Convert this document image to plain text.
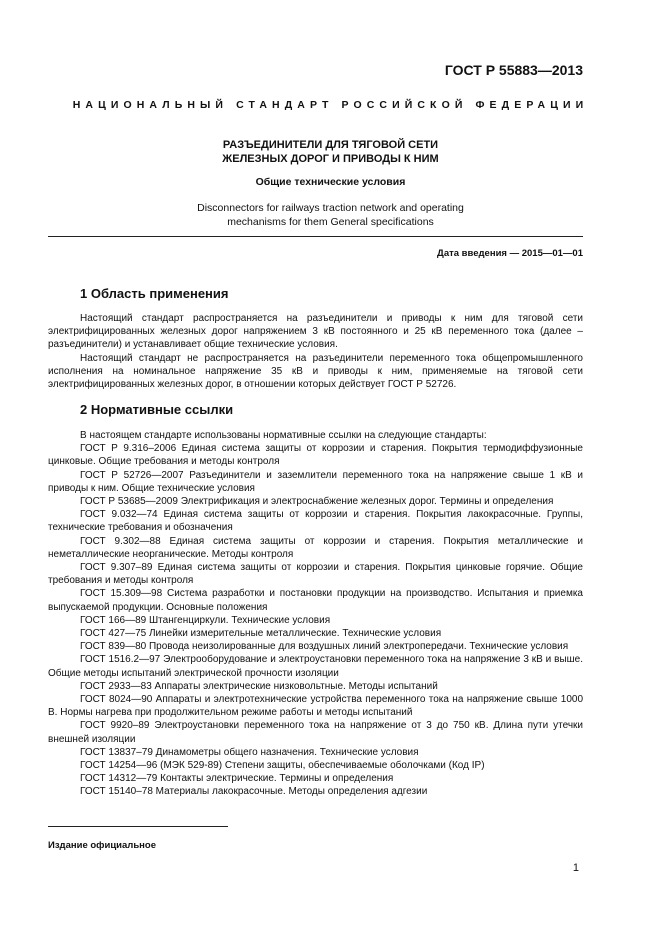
ГОСТ Р 55883—2013
НАЦИОНАЛЬНЫЙ СТАНДАРТ РОССИЙСКОЙ ФЕДЕРАЦИИ
РАЗЪЕДИНИТЕЛИ ДЛЯ ТЯГОВОЙ СЕТИ
ЖЕЛЕЗНЫХ ДОРОГ И ПРИВОДЫ К НИМ
Общие технические условия
Disconnectors for railways traction network and operating
mechanisms for them General specifications
Дата введения — 2015—01—01
1 Область применения

Настоящий стандарт распространяется на разъединители и приводы к ним для тяговой сети электрифицированных железных дорог напряжением 3 кВ постоянного и 25 кВ переменного тока (далее – разъединители) и устанавливает общие технические условия.

Настоящий стандарт не распространяется на разъединители переменного тока общепромышленного исполнения на номинальное напряжение 35 кВ и приводы к ним, применяемые на тяговой сети электрифицированных железных дорог, в отношении которых действует ГОСТ Р 52726.

2 Нормативные ссылки

В настоящем стандарте использованы нормативные ссылки на следующие стандарты:

ГОСТ Р 9.316–2006 Единая система защиты от коррозии и старения. Покрытия термодиффузионные цинковые. Общие требования и методы контроля

ГОСТ Р 52726—2007 Разъединители и заземлители переменного тока на напряжение свыше 1 кВ и приводы к ним. Общие технические условия

ГОСТ Р 53685—2009 Электрификация и электроснабжение железных дорог. Термины и определения

ГОСТ 9.032—74 Единая система защиты от коррозии и старения. Покрытия лакокрасочные. Группы, технические требования и обозначения

ГОСТ 9.302—88 Единая система защиты от коррозии и старения. Покрытия металлические и неметаллические неорганические. Методы контроля

ГОСТ 9.307–89 Единая система защиты от коррозии и старения. Покрытия цинковые горячие. Общие требования и методы контроля

ГОСТ 15.309—98 Система разработки и постановки продукции на производство. Испытания и приемка выпускаемой продукции. Основные положения

ГОСТ 166—89 Штангенциркули. Технические условия

ГОСТ 427—75 Линейки измерительные металлические. Технические условия

ГОСТ 839—80 Провода неизолированные для воздушных линий электропередачи. Технические условия

ГОСТ 1516.2—97 Электрооборудование и электроустановки переменного тока на напряжение 3 кВ и выше. Общие методы испытаний электрической прочности изоляции

ГОСТ 2933—83 Аппараты электрические низковольтные. Методы испытаний

ГОСТ 8024—90 Аппараты и электротехнические устройства переменного тока на напряжение свыше 1000 В. Нормы нагрева при продолжительном режиме работы и методы испытаний

ГОСТ 9920–89 Электроустановки переменного тока на напряжение от 3 до 750 кВ. Длина пути утечки внешней изоляции

ГОСТ 13837–79 Динамометры общего назначения. Технические условия

ГОСТ 14254—96 (МЭК 529-89) Степени защиты, обеспечиваемые оболочками (Код IP)

ГОСТ 14312—79 Контакты электрические. Термины и определения

ГОСТ 15140–78 Материалы лакокрасочные. Методы определения адгезии

Издание официальное
1
